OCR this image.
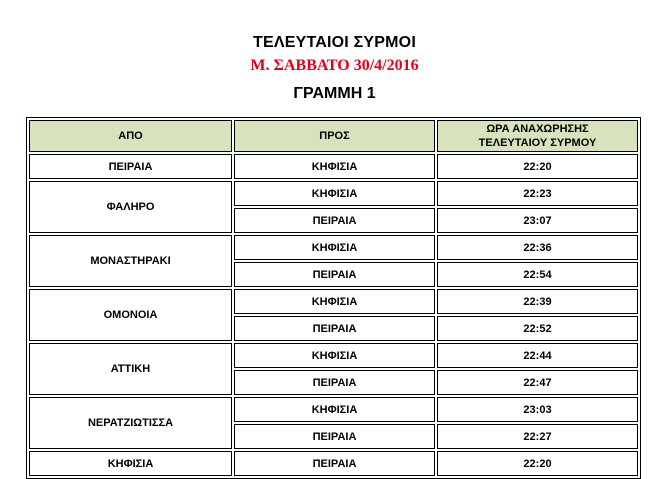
ΤΕΛΕΥΤΑΙΟΙ ΣΥΡΜΟΙ
Μ. ΣΑΒΒΑΤΟ 30/4/2016
ΓΡΑΜΜΗ 1
ΑΠΟ	ΠΡΟΣ	ΩΡΑ ΑΝΑΧΩΡΗΣΗΣ
ΤΕΛΕΥΤΑΙΟΥ ΣΥΡΜΟΥ
ΠΕΙΡΑΙΑ	ΚΗΦΙΣΙΑ	22:20
ΦΑΛΗΡΟ	ΚΗΦΙΣΙΑ	22:23
	ΠΕΙΡΑΙΑ	23:07
ΜΟΝΑΣΤΗΡΑΚΙ	ΚΗΦΙΣΙΑ	22:36
	ΠΕΙΡΑΙΑ	22:54
ΟΜΟΝΟΙΑ	ΚΗΦΙΣΙΑ	22:39
	ΠΕΙΡΑΙΑ	22:52
ΑΤΤΙΚΗ	ΚΗΦΙΣΙΑ	22:44
	ΠΕΙΡΑΙΑ	22:47
ΝΕΡΑΤΖΙΩΤΙΣΣΑ	ΚΗΦΙΣΙΑ	23:03
	ΠΕΙΡΑΙΑ	22:27
ΚΗΦΙΣΙΑ	ΠΕΙΡΑΙΑ	22:20
